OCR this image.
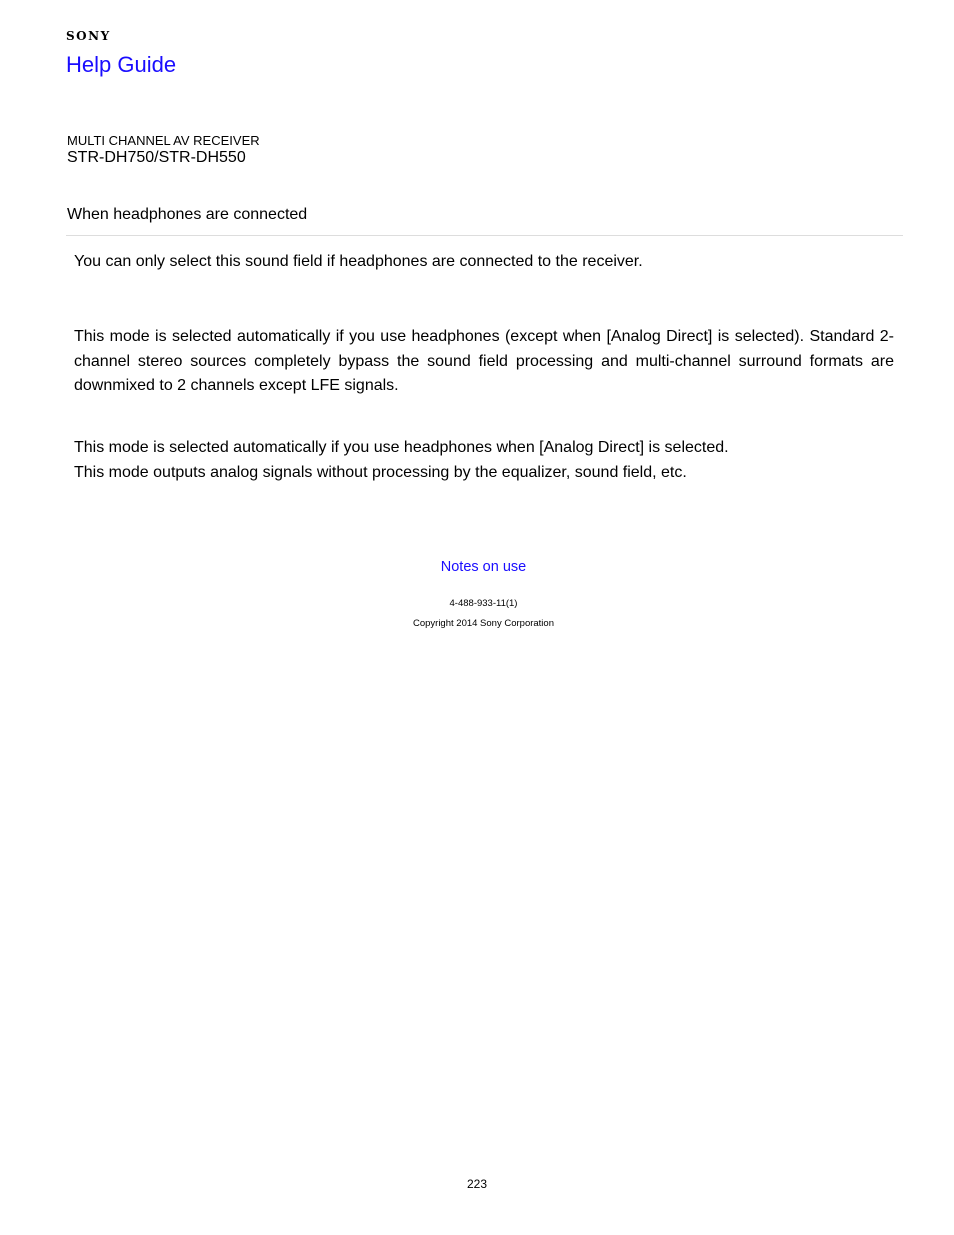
SONY
Help Guide
MULTI CHANNEL AV RECEIVER
STR-DH750/STR-DH550
When headphones are connected

You can only select this sound field if headphones are connected to the receiver.

This mode is selected automatically if you use headphones (except when [Analog Direct] is selected). Standard 2-channel stereo sources completely bypass the sound field processing and multi-channel surround formats are downmixed to 2 channels except LFE signals.

This mode is selected automatically if you use headphones when [Analog Direct] is selected.
This mode outputs analog signals without processing by the equalizer, sound field, etc.

Notes on use
4-488-933-11(1)
Copyright 2014 Sony Corporation
223
